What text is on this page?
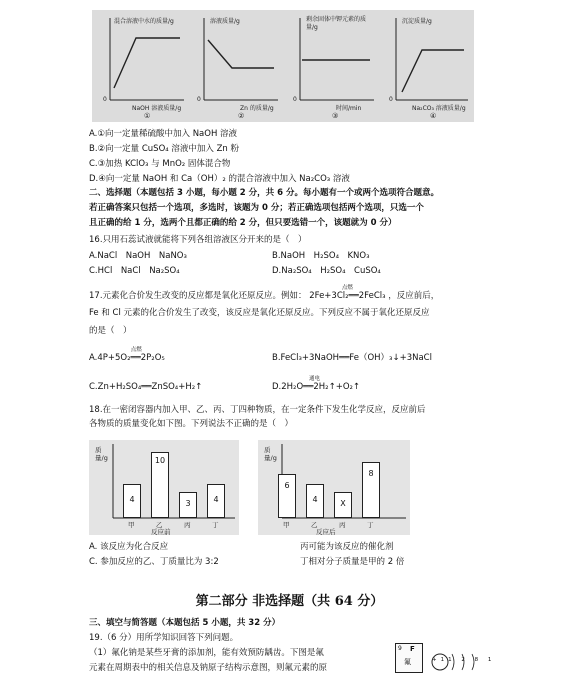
混合溶液中水的质量/g	溶液质量/g	剩余固体中钾元素的质量/g
沉淀质量/g
0	0	0	0
NaOH 溶液质量/g	Zn 的质量/g	时间/min	Na₂CO₃ 溶液质量/g
①	②	③	④
A.①向一定量稀硫酸中加入 NaOH 溶液
B.②向一定量 CuSO₄ 溶液中加入 Zn 粉
C.③加热 KClO₃ 与 MnO₂ 固体混合物
D.④向一定量 NaOH 和 Ca（OH）₂ 的混合溶液中加入 Na₂CO₃ 溶液
二、选择题（本题包括 3 小题，每小题 2 分，共 6 分。每小题有一个或两个选项符合题意。
若正确答案只包括一个选项，多选时，该题为 0 分；若正确选项包括两个选项，只选一个
且正确的给 1 分，选两个且都正确的给 2 分，但只要选错一个，该题就为 0 分）
16.只用石蕊试液就能将下列各组溶液区分开来的是（　）
A.NaCl　NaOH　NaNO₃	B.NaOH　H₂SO₄　KNO₃
C.HCl　NaCl　Na₂SO₄	D.Na₂SO₄　H₂SO₄　CuSO₄
17.元素化合价发生改变的反应都是氧化还原反应。例如：
点燃
2Fe+3Cl₂══2FeCl₃ ，反应前后，
Fe 和 Cl 元素的化合价发生了改变，该反应是氧化还原反应。下列反应不属于氧化还原反应
的是（　）
点燃
A.4P+5O₂══2P₂O₅	B.FeCl₃+3NaOH══Fe（OH）₃↓+3NaCl
C.Zn+H₂SO₄══ZnSO₄+H₂↑
通电
D.2H₂O══2H₂↑+O₂↑
18.在一密闭容器内加入甲、乙、丙、丁四种物质，在一定条件下发生化学反应，反应前后
各物质的质量变化如下图。下列说法不正确的是（　）
质量/g
4
10
3	4
甲	乙	丙	丁
反应前
质量/g
6
4	X
8
甲	乙	丙	丁
反应后
A. 该反应为化合反应	丙可能为该反应的催化剂
C. 参加反应的乙、丁质量比为 3:2	丁相对分子质量是甲的 2 倍
第二部分 非选择题（共 64 分）
三、填空与简答题（本题包括 5 小题，共 32 分）
19.（6 分）用所学知识回答下列问题。
（1）氟化钠是某些牙膏的添加剂，能有效预防龋齿。下图是氟
元素在周期表中的相关信息及钠原子结构示意图，则氟元素的原
9 F
氟	+11 2 8 1
